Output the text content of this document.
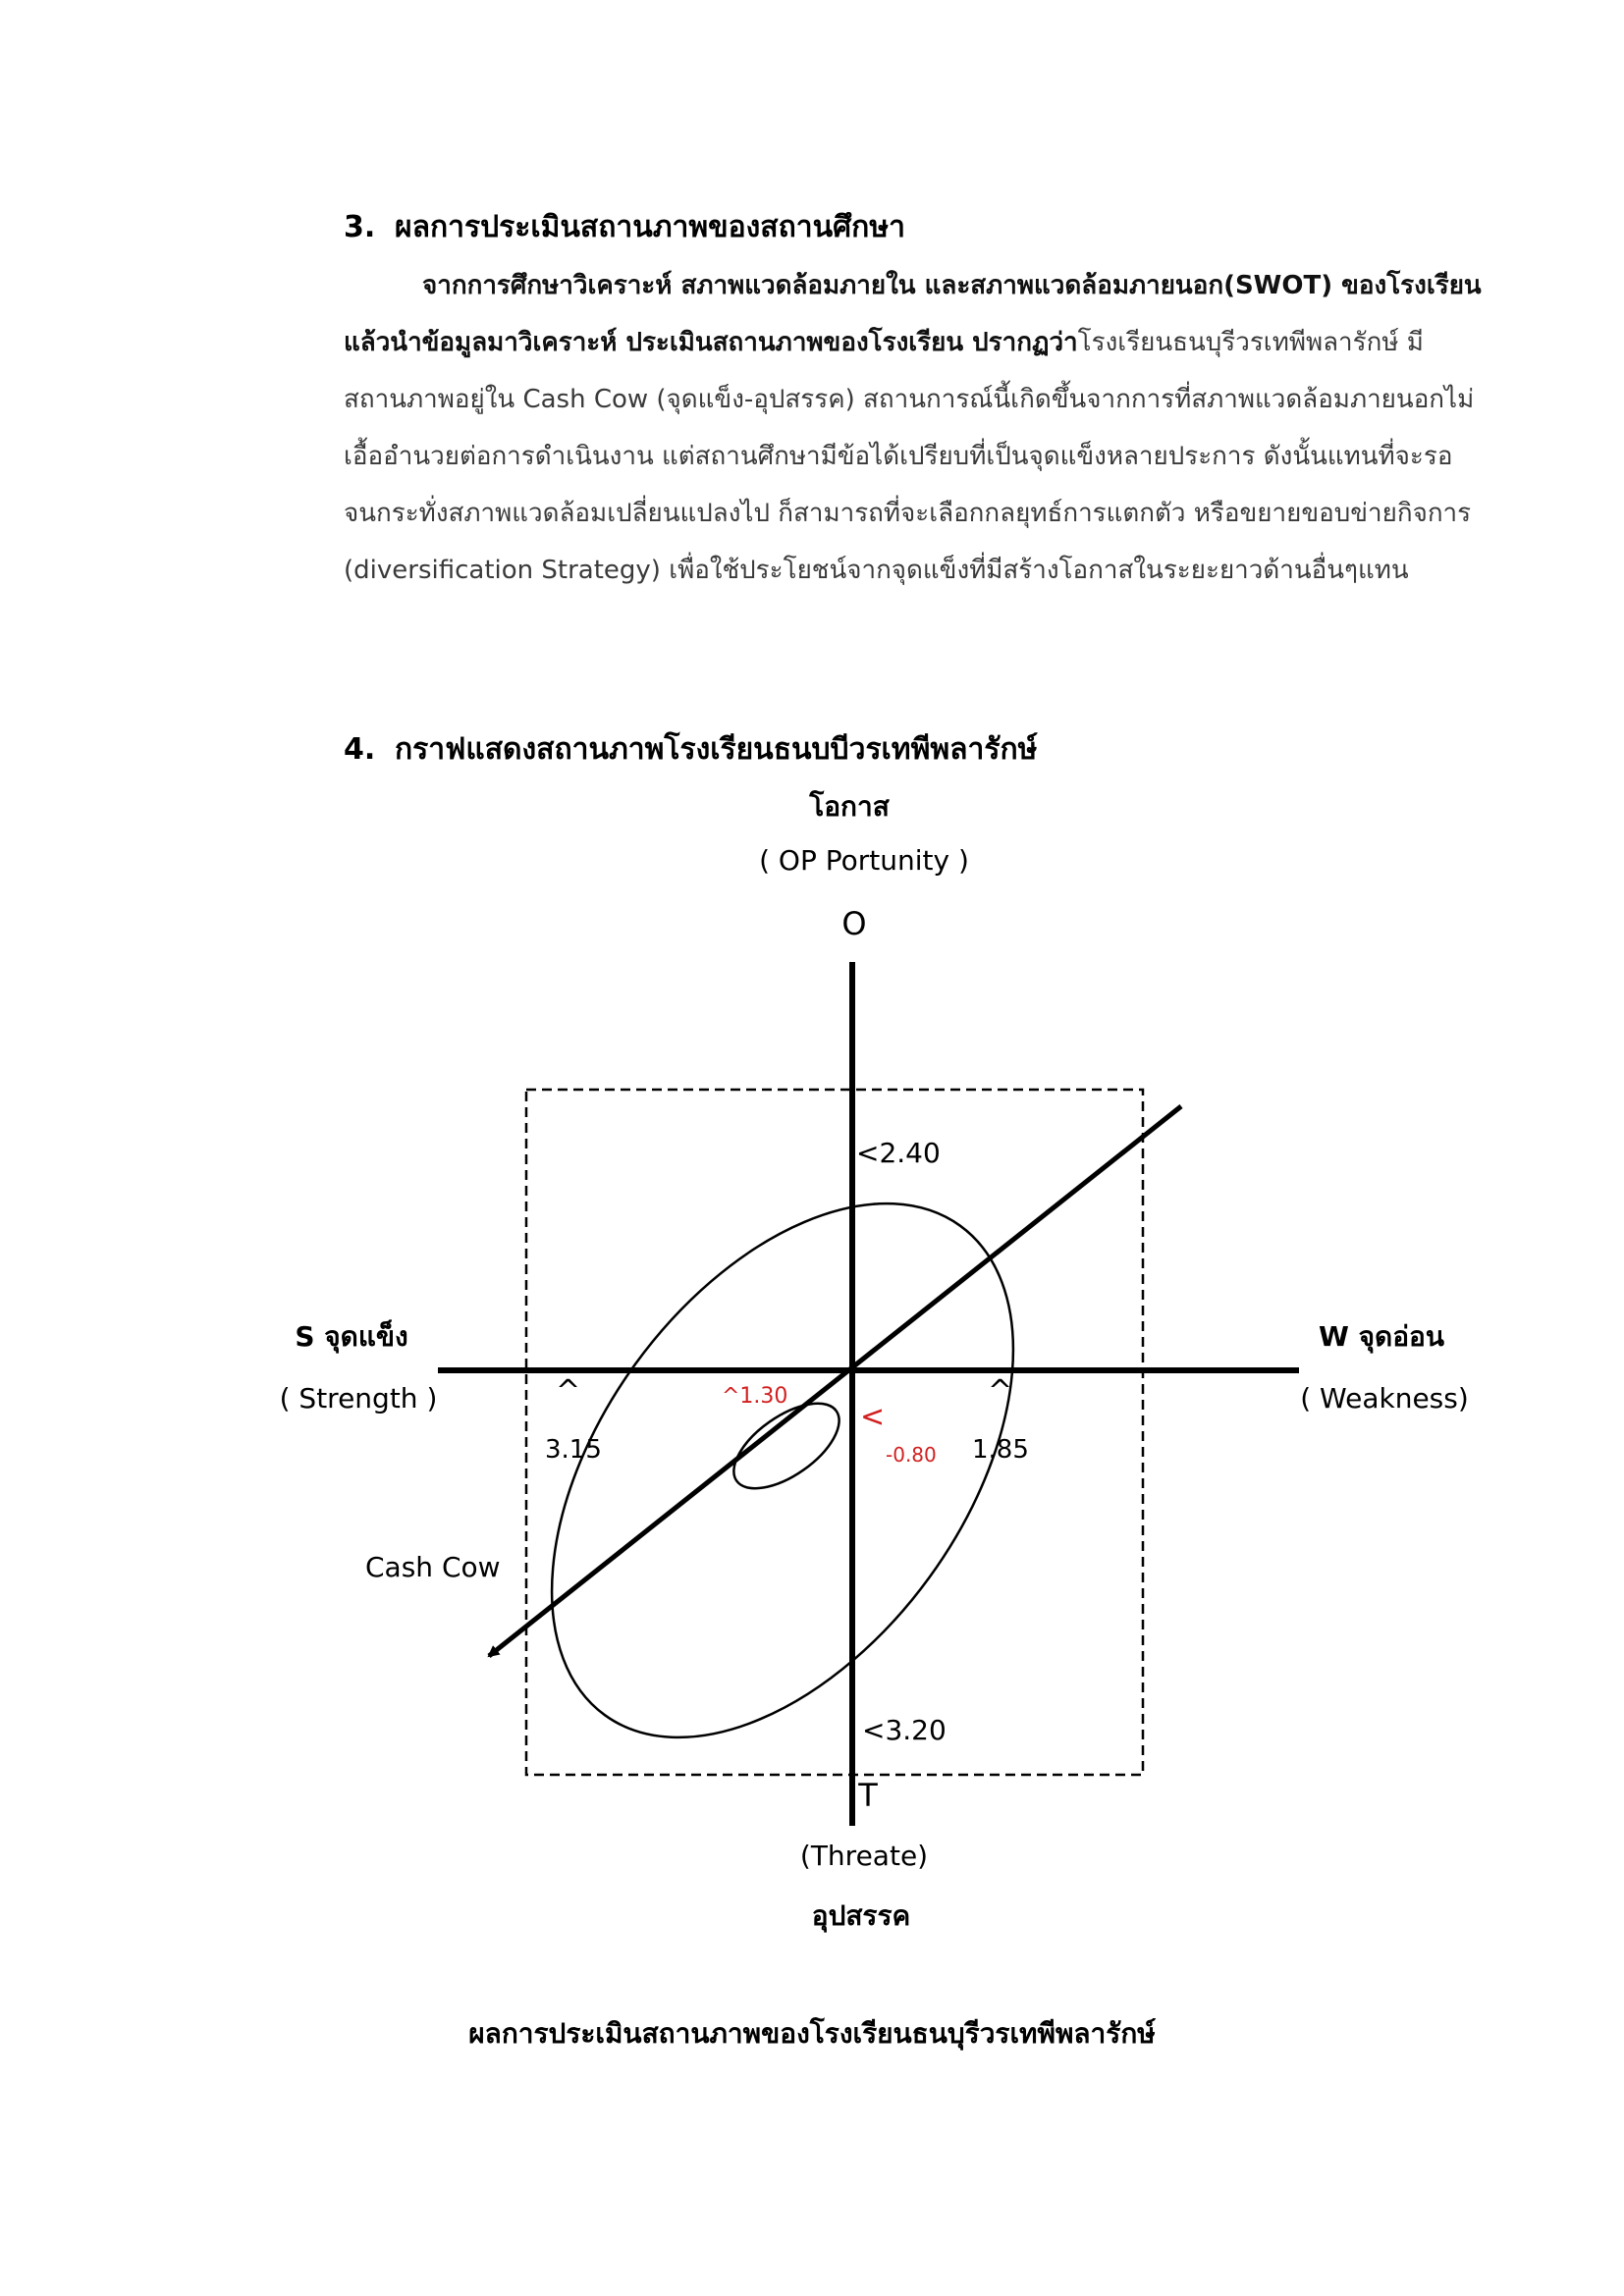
3. ผลการประเมินสถานภาพของสถานศึกษา
จากการศึกษาวิเคราะห์ สภาพแวดล้อมภายใน และสภาพแวดล้อมภายนอก(SWOT) ของโรงเรียน แล้วนำข้อมูลมาวิเคราะห์ ประเมินสถานภาพของโรงเรียน ปรากฏว่าโรงเรียนธนบุรีวรเทพีพลารักษ์ มีสถานภาพอยู่ใน Cash Cow (จุดแข็ง-อุปสรรค) สถานการณ์นี้เกิดขึ้นจากการที่สภาพแวดล้อมภายนอกไม่เอื้ออำนวยต่อการดำเนินงาน แต่สถานศึกษามีข้อได้เปรียบที่เป็นจุดแข็งหลายประการ ดังนั้นแทนที่จะรอจนกระทั่งสภาพแวดล้อมเปลี่ยนแปลงไป ก็สามารถที่จะเลือกกลยุทธ์การแตกตัว หรือขยายขอบข่ายกิจการ (diversification Strategy) เพื่อใช้ประโยชน์จากจุดแข็งที่มีสร้างโอกาสในระยะยาวด้านอื่นๆแทน
4. กราฟแสดงสถานภาพโรงเรียนธนบบีวรเทพีพลารักษ์
โอกาส
( OP Portunity )
O
S จุดแข็ง
( Strength )
W จุดอ่อน
( Weakness)
T
(Threate)
อุปสรรค
Cash Cow
<2.40
<3.20
^
3.15
^
1.85
^1.30
<
-0.80
ผลการประเมินสถานภาพของโรงเรียนธนบุรีวรเทพีพลารักษ์
